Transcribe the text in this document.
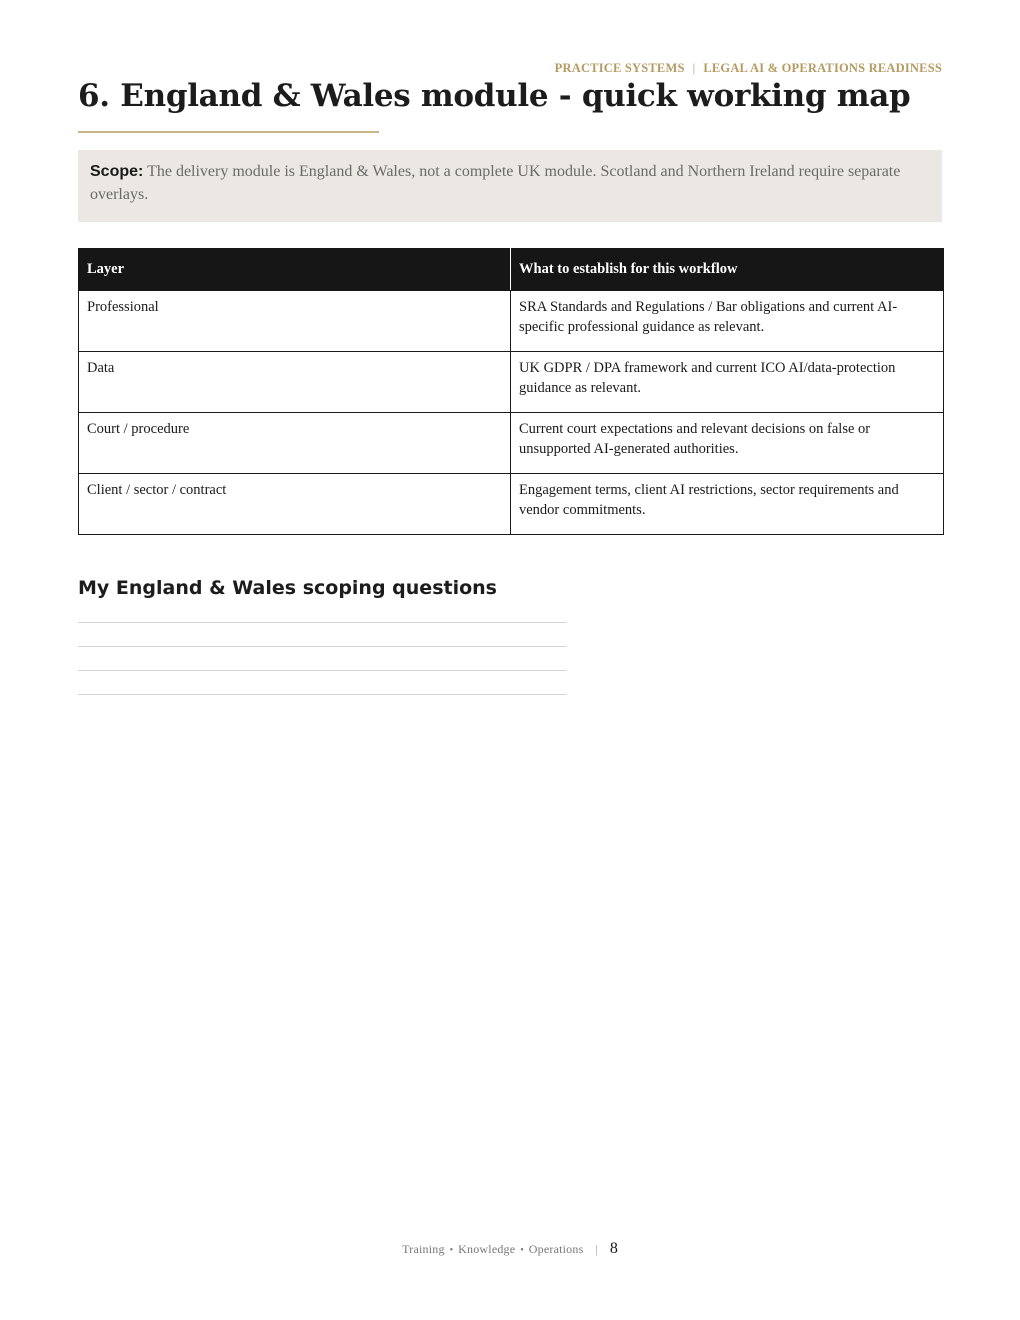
PRACTICE SYSTEMS | LEGAL AI & OPERATIONS READINESS
6. England & Wales module - quick working map
Scope: The delivery module is England & Wales, not a complete UK module. Scotland and Northern Ireland require separate overlays.
Layer	What to establish for this workflow
Professional	SRA Standards and Regulations / Bar obligations and current AI-specific professional guidance as relevant.
Data	UK GDPR / DPA framework and current ICO AI/data-protection guidance as relevant.
Court / procedure	Current court expectations and relevant decisions on false or unsupported AI-generated authorities.
Client / sector / contract	Engagement terms, client AI restrictions, sector requirements and vendor commitments.
My England & Wales scoping questions
Training • Knowledge • Operations | 8
